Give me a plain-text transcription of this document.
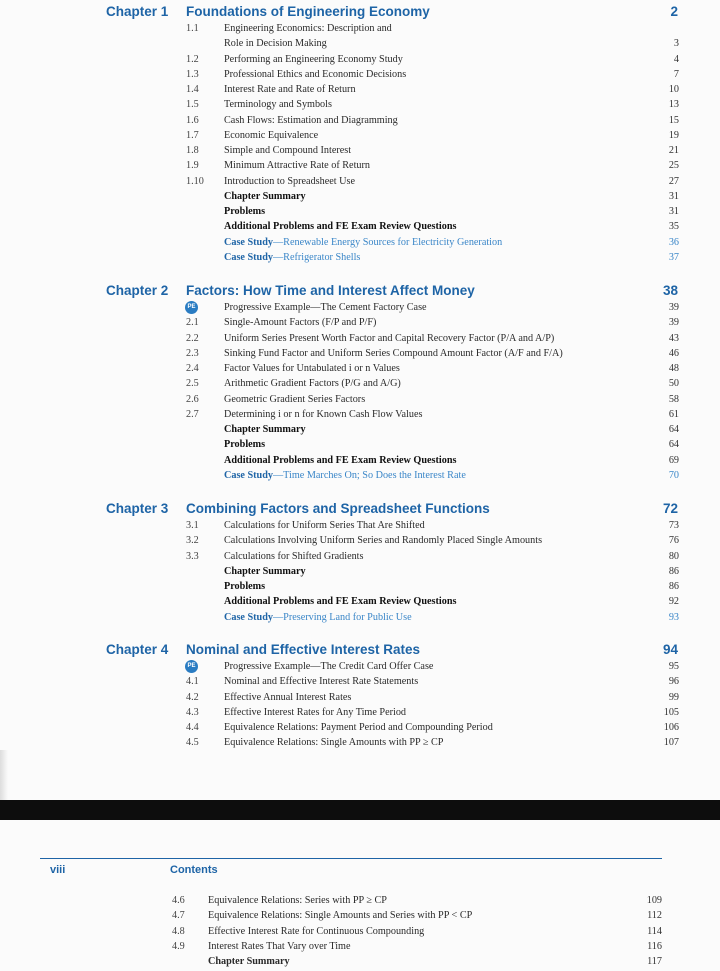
Chapter 1 Foundations of Engineering Economy	2
1.1 Engineering Economics: Description and
Role in Decision Making	3
1.2 Performing an Engineering Economy Study	4
1.3 Professional Ethics and Economic Decisions	7
1.4 Interest Rate and Rate of Return	10
1.5 Terminology and Symbols	13
1.6 Cash Flows: Estimation and Diagramming	15
1.7 Economic Equivalence	19
1.8 Simple and Compound Interest	21
1.9 Minimum Attractive Rate of Return	25
1.10 Introduction to Spreadsheet Use	27
Chapter Summary	31
Problems	31
Additional Problems and FE Exam Review Questions	35
Case Study—Renewable Energy Sources for Electricity Generation	36
Case Study—Refrigerator Shells	37
Chapter 2 Factors: How Time and Interest Affect Money	38
PE	Progressive Example—The Cement Factory Case	39
2.1 Single-Amount Factors (F/P and P/F)	39
2.2 Uniform Series Present Worth Factor and Capital Recovery Factor (P/A and A/P)	43
2.3 Sinking Fund Factor and Uniform Series Compound Amount Factor (A/F and F/A)	46
2.4 Factor Values for Untabulated i or n Values	48
2.5 Arithmetic Gradient Factors (P/G and A/G)	50
2.6 Geometric Gradient Series Factors	58
2.7 Determining i or n for Known Cash Flow Values	61
Chapter Summary	64
Problems	64
Additional Problems and FE Exam Review Questions	69
Case Study—Time Marches On; So Does the Interest Rate	70
Chapter 3 Combining Factors and Spreadsheet Functions	72
3.1 Calculations for Uniform Series That Are Shifted	73
3.2 Calculations Involving Uniform Series and Randomly Placed Single Amounts	76
3.3 Calculations for Shifted Gradients	80
Chapter Summary	86
Problems	86
Additional Problems and FE Exam Review Questions	92
Case Study—Preserving Land for Public Use	93
Chapter 4 Nominal and Effective Interest Rates	94
PE	Progressive Example—The Credit Card Offer Case	95
4.1 Nominal and Effective Interest Rate Statements	96
4.2 Effective Annual Interest Rates	99
4.3 Effective Interest Rates for Any Time Period	105
4.4 Equivalence Relations: Payment Period and Compounding Period	106
4.5 Equivalence Relations: Single Amounts with PP ≥ CP	107
viii	Contents
4.6 Equivalence Relations: Series with PP ≥ CP	109
4.7 Equivalence Relations: Single Amounts and Series with PP < CP	112
4.8 Effective Interest Rate for Continuous Compounding	114
4.9 Interest Rates That Vary over Time	116
Chapter Summary	117
